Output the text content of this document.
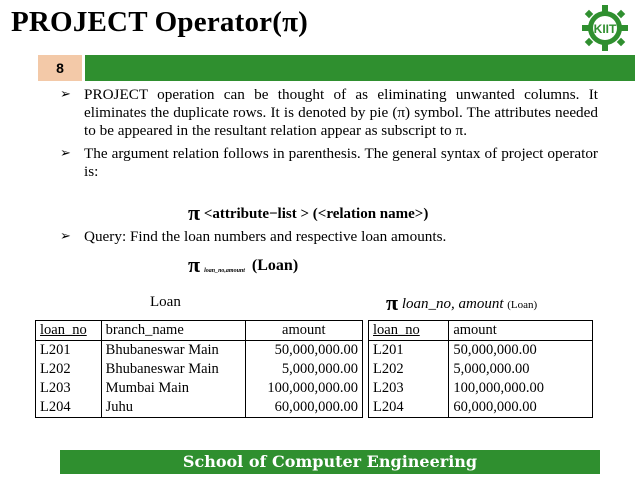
PROJECT Operator(π)	KIIT
8
➢ PROJECT operation can be thought of as eliminating unwanted columns. It eliminates the duplicate rows. It is denoted by pie (π) symbol. The attributes needed to be appeared in the resultant relation appear as subscript to π.
➢ The argument relation follows in parenthesis. The general syntax of project operator is:
π <attribute−list > (<relation name>)
➢ Query: Find the loan numbers and respective loan amounts.
π loan_no,amount (Loan)
Loan	π loan_no, amount (Loan)
loan_no	branch_name	amount
L201	Bhubaneswar Main	50,000,000.00
L202	Bhubaneswar Main	5,000,000.00
L203	Mumbai Main	100,000,000.00
L204	Juhu	60,000,000.00
loan_no	amount
L201	50,000,000.00
L202	5,000,000.00
L203	100,000,000.00
L204	60,000,000.00
School of Computer Engineering
